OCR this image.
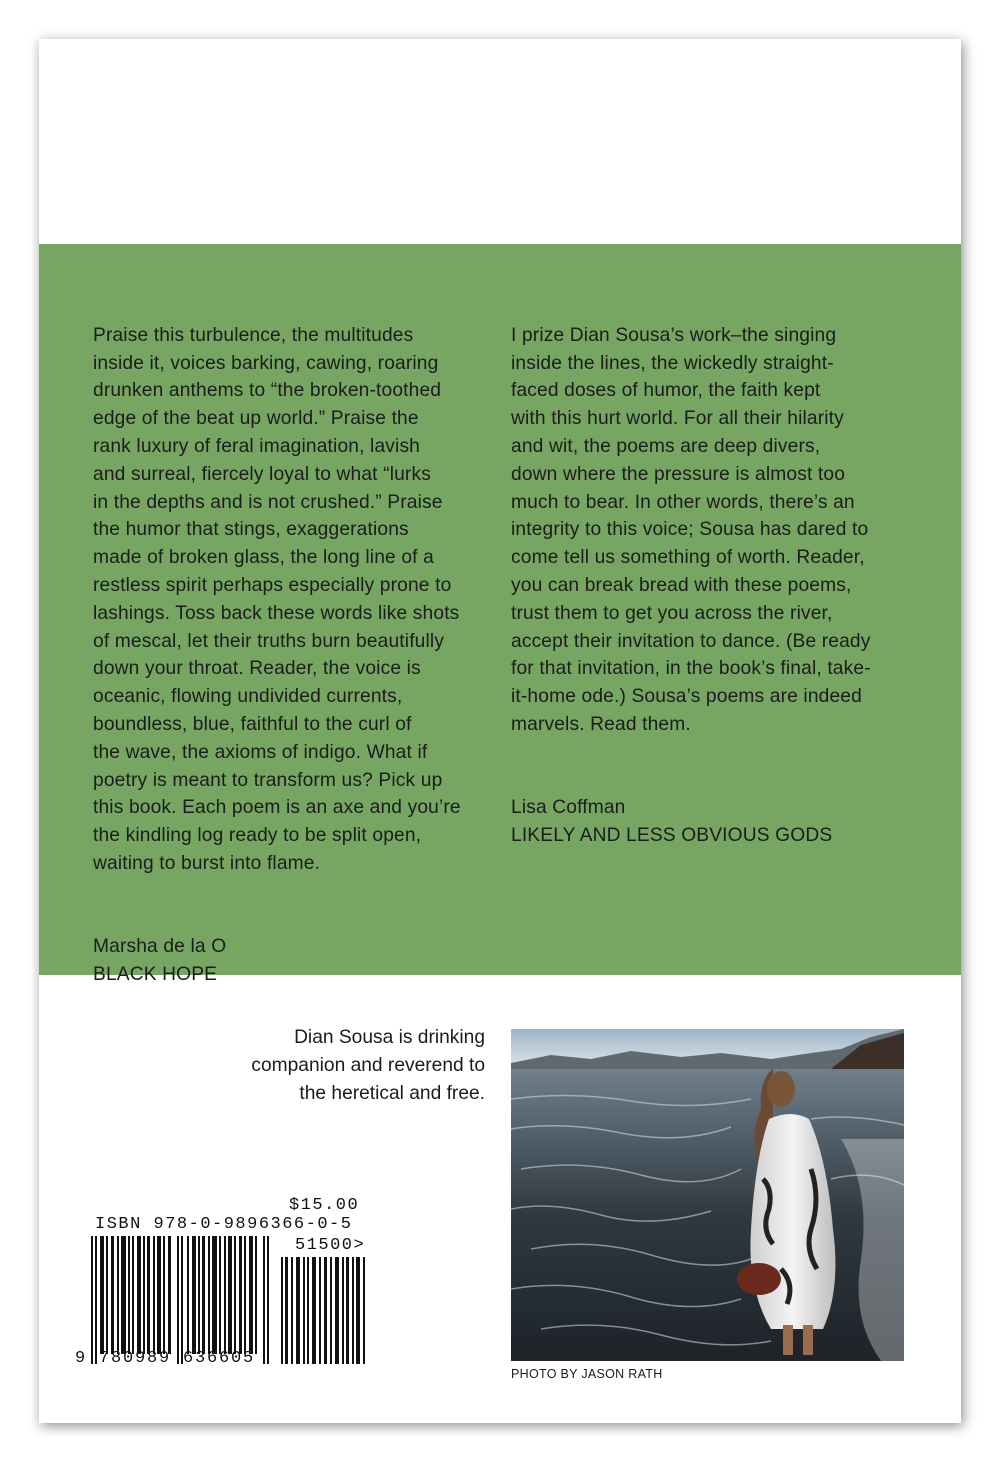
Praise this turbulence, the multitudes
inside it, voices barking, cawing, roaring
drunken anthems to “the broken-toothed
edge of the beat up world.” Praise the
rank luxury of feral imagination, lavish
and surreal, fiercely loyal to what “lurks
in the depths and is not crushed.” Praise
the humor that stings, exaggerations
made of broken glass, the long line of a
restless spirit perhaps especially prone to
lashings. Toss back these words like shots
of mescal, let their truths burn beautifully
down your throat. Reader, the voice is
oceanic, flowing undivided currents,
boundless, blue, faithful to the curl of
the wave, the axioms of indigo. What if
poetry is meant to transform us? Pick up
this book. Each poem is an axe and you’re
the kindling log ready to be split open,
waiting to burst into flame.

Marsha de la O
BLACK HOPE

I prize Dian Sousa’s work–the singing
inside the lines, the wickedly straight-
faced doses of humor, the faith kept
with this hurt world. For all their hilarity
and wit, the poems are deep divers,
down where the pressure is almost too
much to bear. In other words, there’s an
integrity to this voice; Sousa has dared to
come tell us something of worth. Reader,
you can break bread with these poems,
trust them to get you across the river,
accept their invitation to dance. (Be ready
for that invitation, in the book’s final, take-
it-home ode.) Sousa’s poems are indeed
marvels. Read them.

Lisa Coffman
LIKELY AND LESS OBVIOUS GODS

Dian Sousa is drinking
companion and reverend to
the heretical and free.
PHOTO BY JASON RATH
$15.00
ISBN 978-0-9896366-0-5
51500>
9 780989 636605
